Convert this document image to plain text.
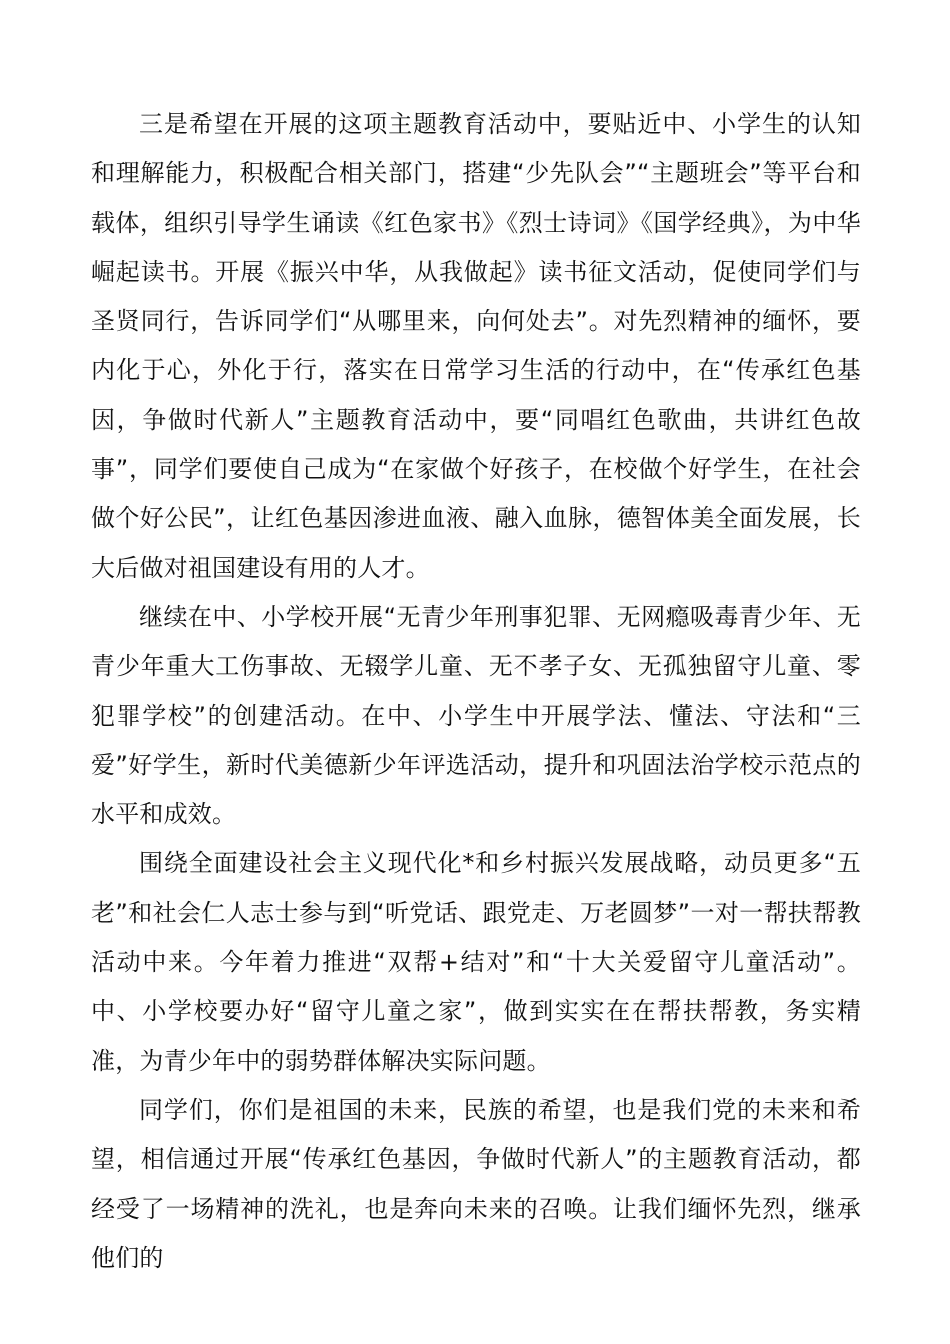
三是希望在开展的这项主题教育活动中，要贴近中、小学生的认知和理解能力，积极配合相关部门，搭建“少先队会”“主题班会”等平台和载体，组织引导学生诵读《红色家书》《烈士诗词》《国学经典》，为中华崛起读书。开展《振兴中华，从我做起》读书征文活动，促使同学们与圣贤同行，告诉同学们“从哪里来，向何处去”。对先烈精神的缅怀，要内化于心，外化于行，落实在日常学习生活的行动中，在“传承红色基因，争做时代新人”主题教育活动中，要“同唱红色歌曲，共讲红色故事”，同学们要使自己成为“在家做个好孩子，在校做个好学生，在社会做个好公民”，让红色基因渗进血液、融入血脉，德智体美全面发展，长大后做对祖国建设有用的人才。

继续在中、小学校开展“无青少年刑事犯罪、无网瘾吸毒青少年、无青少年重大工伤事故、无辍学儿童、无不孝子女、无孤独留守儿童、零犯罪学校”的创建活动。在中、小学生中开展学法、懂法、守法和“三爱”好学生，新时代美德新少年评选活动，提升和巩固法治学校示范点的水平和成效。

围绕全面建设社会主义现代化*和乡村振兴发展战略，动员更多“五老”和社会仁人志士参与到“听党话、跟党走、万老圆梦”一对一帮扶帮教活动中来。今年着力推进“双帮+结对”和“十大关爱留守儿童活动”。中、小学校要办好“留守儿童之家”，做到实实在在帮扶帮教，务实精准，为青少年中的弱势群体解决实际问题。

同学们，你们是祖国的未来，民族的希望，也是我们党的未来和希望，相信通过开展“传承红色基因，争做时代新人”的主题教育活动，都经受了一场精神的洗礼，也是奔向未来的召唤。让我们缅怀先烈，继承他们的
